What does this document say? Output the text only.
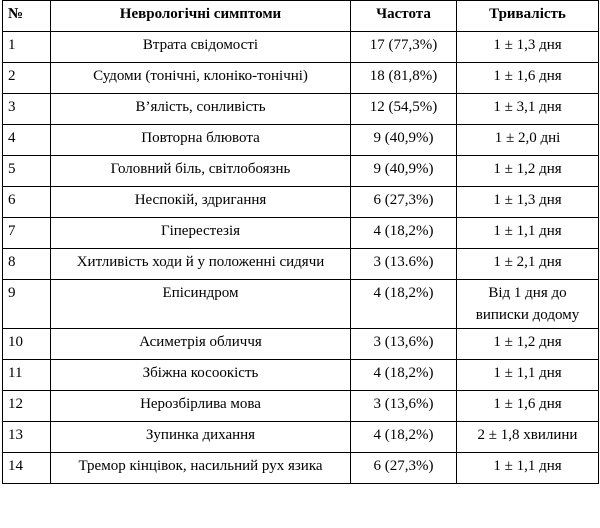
№	Неврологічні симптоми	Частота	Тривалість
1	Втрата свідомості	17 (77,3%)	1 ± 1,3 дня
2	Судоми (тонічні, клоніко-тонічні)	18 (81,8%)	1 ± 1,6 дня
3	В’ялість, сонливість	12 (54,5%)	1 ± 3,1 дня
4	Повторна блювота	9 (40,9%)	1 ± 2,0 дні
5	Головний біль, світлобоязнь	9 (40,9%)	1 ± 1,2 дня
6	Неспокій, здригання	6 (27,3%)	1 ± 1,3 дня
7	Гіперестезія	4 (18,2%)	1 ± 1,1 дня
8	Хитливість ходи й у положенні сидячи	3 (13.6%)	1 ± 2,1 дня
9	Епісиндром	4 (18,2%)	Від 1 дня до виписки додому
10	Асиметрія обличчя	3 (13,6%)	1 ± 1,2 дня
11	Збіжна косоокість	4 (18,2%)	1 ± 1,1 дня
12	Нерозбірлива мова	3 (13,6%)	1 ± 1,6 дня
13	Зупинка дихання	4 (18,2%)	2 ± 1,8 хвилини
14	Тремор кінцівок, насильний рух язика	6 (27,3%)	1 ± 1,1 дня
